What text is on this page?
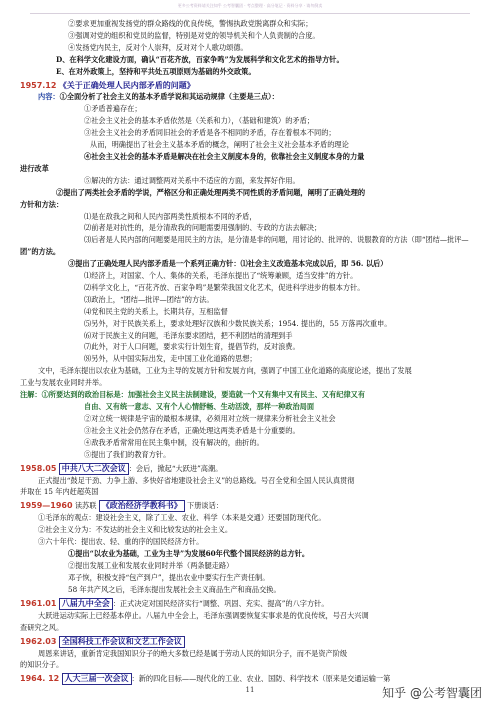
更多公考资料请关注知乎 公考智囊团 · 考点整理 · 高分笔记 · 资料分享 · 请勿倒卖
②要求更加重视发扬党的群众路线的优良传统，警惕执政党脱离群众和实际；
③强调对党的组织和党员的监督，特别是对党的领导机关和个人负责制的合度。
④发扬党内民主，反对个人崇拜，反对对个人歌功颂德。
D、在科学文化建设方面，确认“百花齐放，百家争鸣”为发展科学和文化艺术的指导方针。
E、在对外政策上，坚持和平共处五项原则为基础的外交政策。
1957.12 《关于正确处理人民内部矛盾的问题》
内容：①全面分析了社会主义的基本矛盾学说和其运动规律（主要是三点）：
①矛盾普遍存在；
②社会主义社会的基本矛盾依然是（关系和力），（基础和建筑）的矛盾；
③社会主义社会的矛盾同旧社会的矛盾是各不相同的矛盾，存在着根本不同的；
从而，明确提出了社会主义基本矛盾的概念，阐明了社会主义社会基本矛盾的理论
④社会主义社会的基本矛盾是解决在社会主义制度本身的，依靠社会主义制度本身的力量
进行改革
⑤解决的方法：通过调整两对关系中不适应的方面，来发挥好作用。
②提出了两类社会矛盾的学说，严格区分和正确处理两类不同性质的矛盾问题，阐明了正确处理的
方针和方法：
⑴是在敌我之间和人民内部两类性质根本不同的矛盾，
⑵前者是对抗性的，是分清敌我的问题需要用强制的、专政的方法去解决；
⑶后者是人民内部的问题要是用民主的方法，是分清是非的问题，用讨论的、批评的、说服教育的方法（即“团结—批评—
团”的方法。
③提出了正确处理人民内部矛盾是一个系列正确方针：⑴社会主义改造基本完成以后，即 56. 以后）
⑴经济上，对国家、个人、集体的关系，毛泽东提出了“统筹兼顾，适当安排”的方针。
⑵科学文化上，“百花齐放、百家争鸣”是繁荣我国文化艺术，促进科学进步的根本方针。
⑶政治上，“团结—批评—团结”的方法。
⑷党和民主党的关系上，长期共存，互相监督
⑸另外，对于民族关系上，要求处理好汉族和少数民族关系；1954. 提出的，55 万落再次重申。
⑹对于民族主义的问题，毛泽东要求团结，把不利团结的清理到手
⑺此外，对于人口问题，要求实行计划生育，提倡节约，反对浪费。
⑻另外，从中国实际出发，走中国工业化道路的思想；
文中，毛泽东提出以农业为基础，工业为主导的发展方针和发展方向，强调了中国工业化道路的高度论述，提出了发展
工业与发展农业同时并举。
注解：①所要达到的政治目标是：加强社会主义民主法制建设，要造就一个又有集中又有民主、又有纪律又有
自由、又有统一意志、又有个人心情舒畅、生动活泼，那样一种政治局面
②对立统一规律是宇宙的最根本规律，必须用对立统一规律来分析社会主义社会
③社会主义社会仍然存在矛盾，正确处理这两类矛盾是十分重要的。
④敌我矛盾常常用在民主集中制，没有解决的，曲折的。
⑤提出了我们的教育方针。
1958.05 中共八大二次会议 ：会后，掀起“大跃进”高潮。
正式提出“鼓足干劲、力争上游、多快好省地建设社会主义”的总路线。号召全党和全国人民认真贯彻
并取在 15 年内赶超英国
1959—1960 读苏联 《政治经济学教科书》 下册谈话：
①毛泽东的观点：建设社会主义，除了工业、农业、科学（本来是交通）还要国防现代化。
②社会主义分为：不发达的社会主义和比较发达的社会主义。
③六十年代：提出农、轻、重的序的国民经济方针。
①提出“以农业为基础，工业为主导”为发展60年代整个国民经济的总方针。
②提出发展工业和发展农业同时并举（两条腿走路）
邓子恢，积极支持“包产到户”，提出农业中要实行生产责任制。
58 年共产风之后，毛泽东提出发展社会主义商品生产和商品交换。
1961.01 八届九中全会 ：正式决定对国民经济实行“调整、巩固、充实、提高”的八字方针。
大跃进运动实际上已经基本停止。八届九中全会上，毛泽东强调要恢复实事求是的优良传统，号召大兴调
查研究之风。
1962.03 全国科技工作会议和文艺工作会议
周恩来讲话，重新肯定我国知识分子的绝大多数已经是属于劳动人民的知识分子，而不是资产阶级
的知识分子。
1964. 12 人大三届一次会议 ：新的四化目标——现代化的工业、农业、国防、科学技术（原来是交通运输一第
11	知乎 @公考智囊团
